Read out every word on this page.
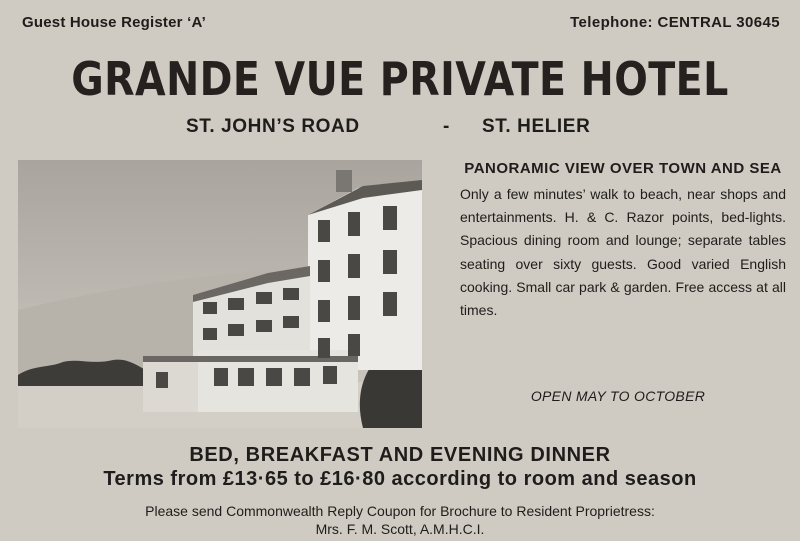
Guest House Register ‘A’	Telephone: CENTRAL 30645
GRANDE VUE PRIVATE HOTEL
ST. JOHN’S ROAD	- ST. HELIER
PANORAMIC VIEW OVER TOWN AND SEA
Only a few minutes’ walk to beach, near shops and entertainments. H. & C. Razor points, bed-lights. Spacious dining room and lounge; separate tables seating over sixty guests. Good varied English cooking. Small car park & garden. Free access at all times.
OPEN MAY TO OCTOBER
BED, BREAKFAST AND EVENING DINNER
Terms from £13·65 to £16·80 according to room and season
Please send Commonwealth Reply Coupon for Brochure to Resident Proprietress:
Mrs. F. M. Scott, A.M.H.C.I.
